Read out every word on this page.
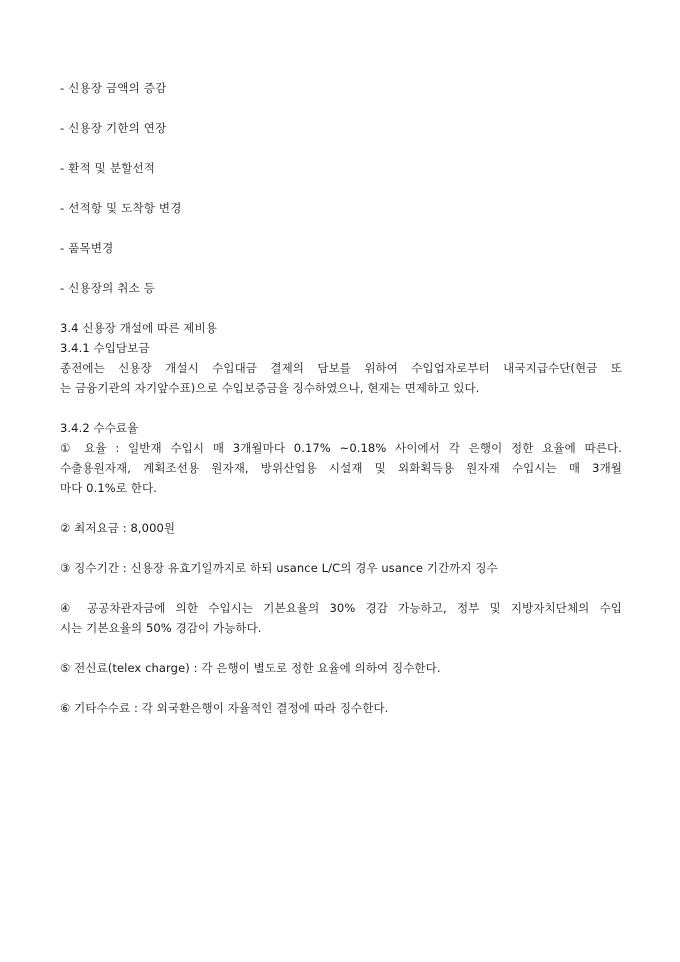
- 신용장 금액의 증감
- 신용장 기한의 연장
- 환적 및 분할선적
- 선적항 및 도착항 변경
- 품목변경
- 신용장의 취소 등
3.4 신용장 개설에 따른 제비용
3.4.1 수입담보금
종전에는 신용장 개설시 수입대금 결제의 담보를 위하여 수입업자로부터 내국지급수단(현금 또
는 금융기관의 자기앞수표)으로 수입보증금을 징수하였으나, 현재는 면제하고 있다.
3.4.2 수수료율
① 요율 : 일반재 수입시 매 3개월마다 0.17% ~0.18% 사이에서 각 은행이 정한 요율에 따른다.
수출용원자재, 계획조선용 원자재, 방위산업용 시설재 및 외화획득용 원자재 수입시는 매 3개월
마다 0.1%로 한다.
② 최저요금 : 8,000원
③ 징수기간 : 신용장 유효기일까지로 하되 usance L/C의 경우 usance 기간까지 징수
④ 공공차관자금에 의한 수입시는 기본요율의 30% 경감 가능하고, 정부 및 지방자치단체의 수입
시는 기본요율의 50% 경감이 가능하다.
⑤ 전신료(telex charge) : 각 은행이 별도로 정한 요율에 의하여 징수한다.
⑥ 기타수수료 : 각 외국환은행이 자율적인 결정에 따라 징수한다.
